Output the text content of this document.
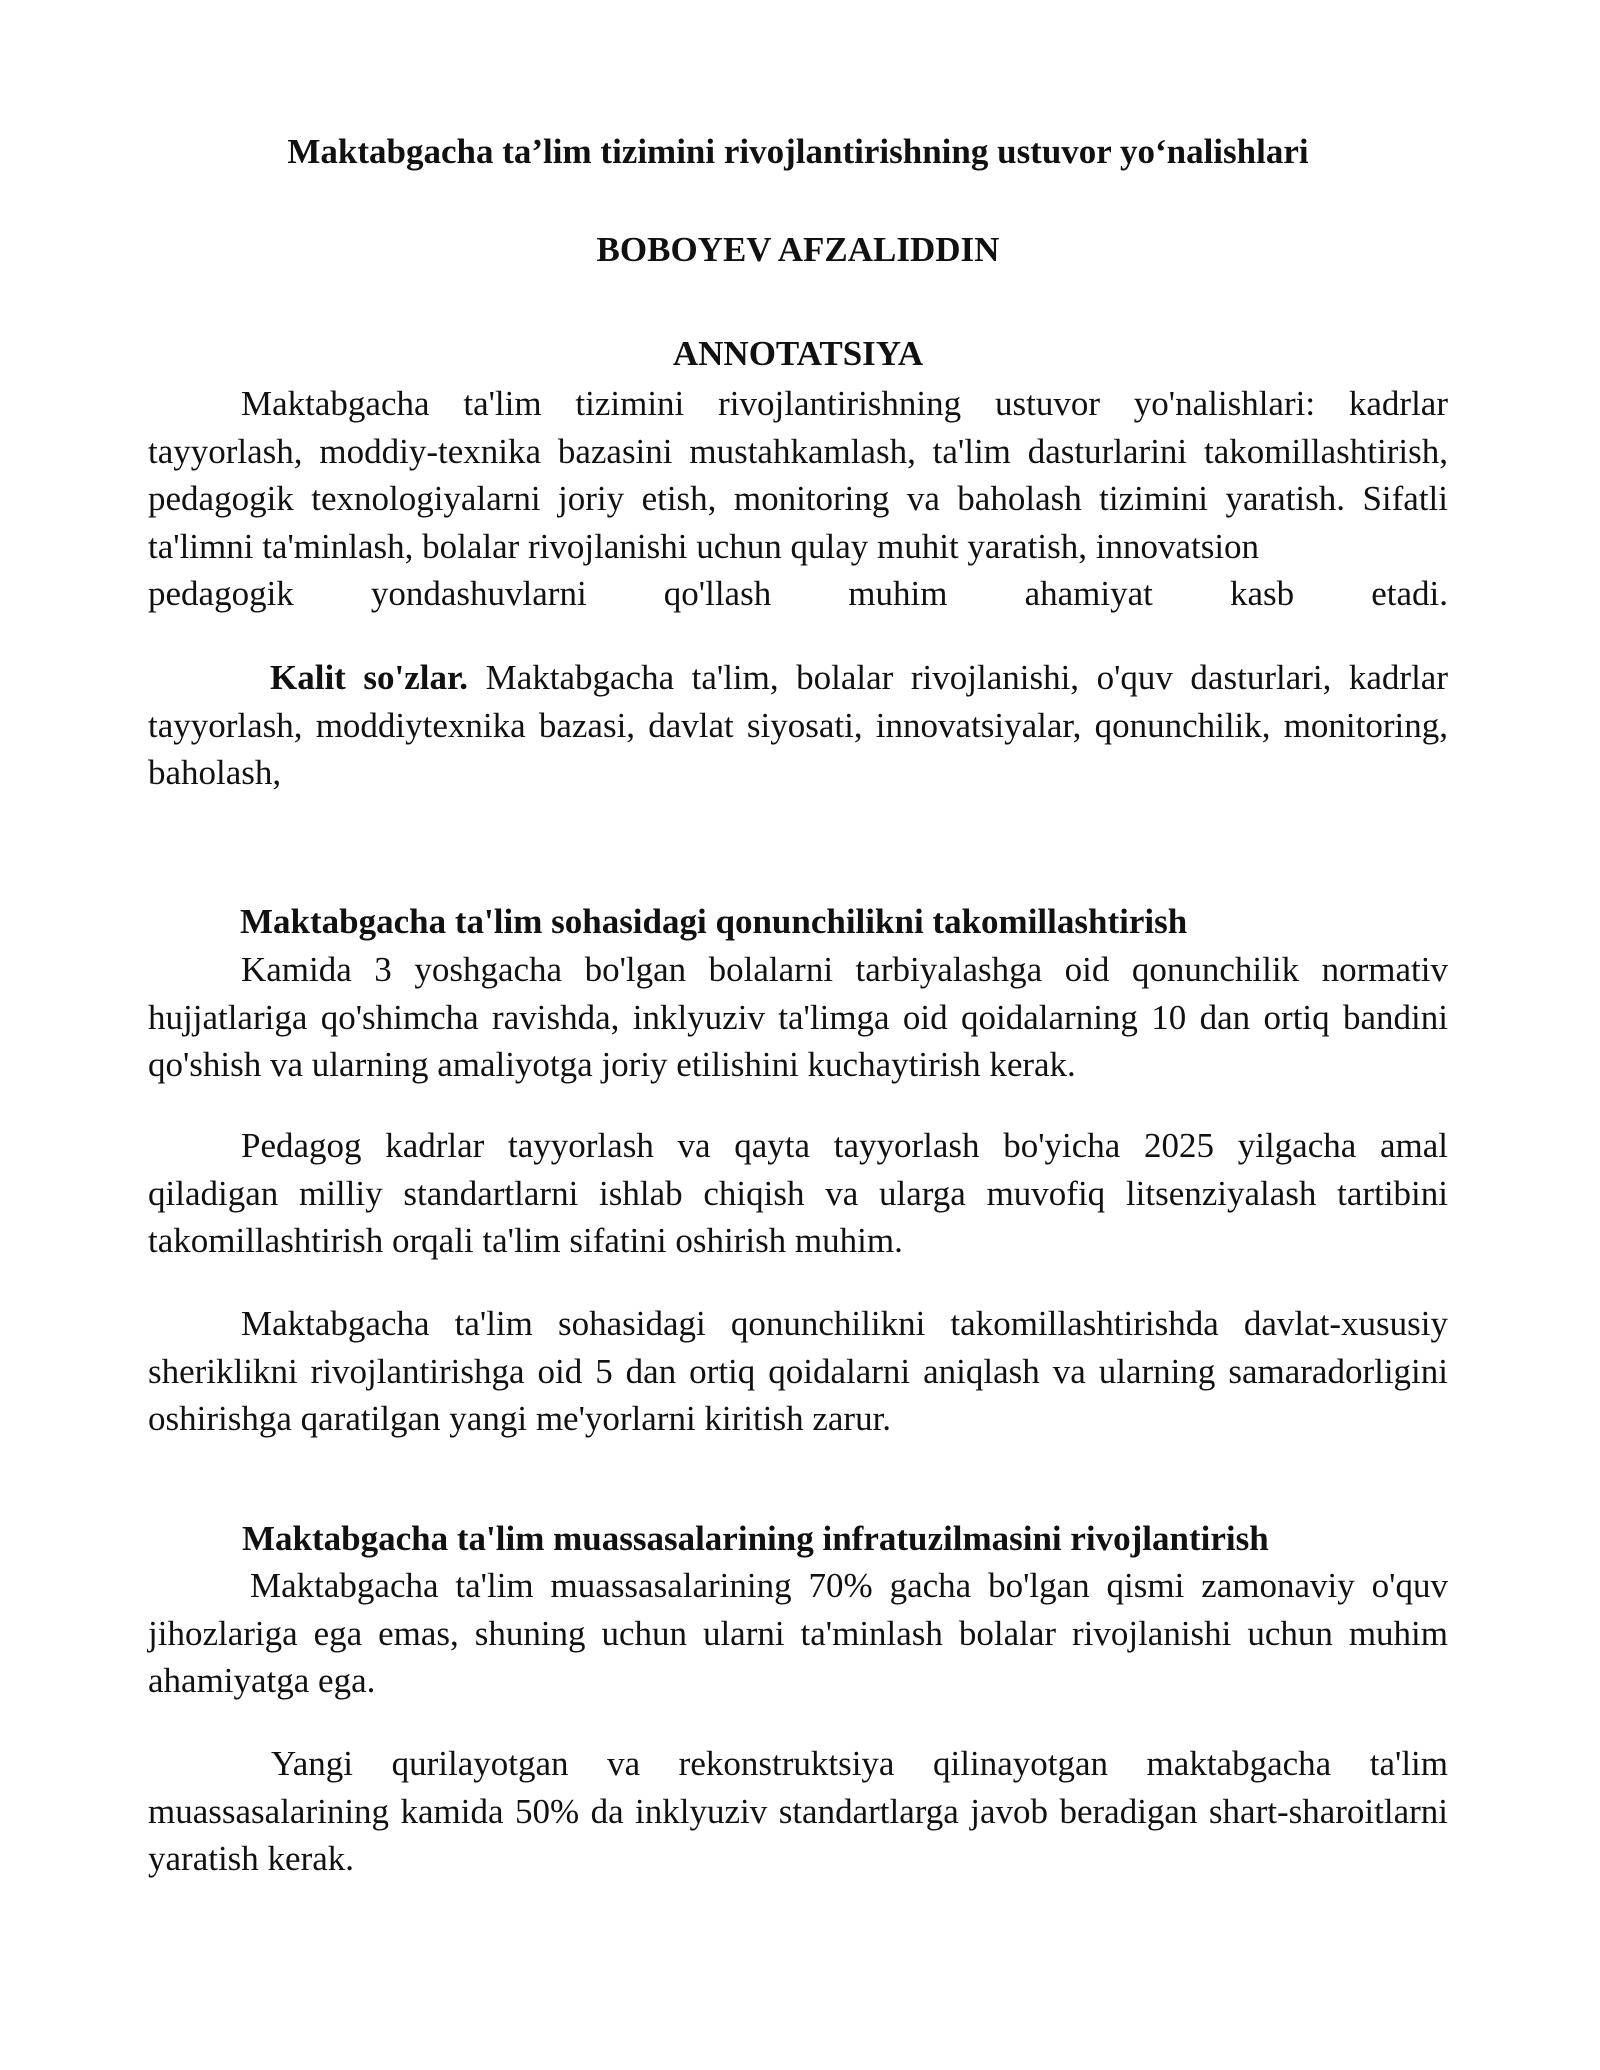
Maktabgacha ta’lim tizimini rivojlantirishning ustuvor yo‘nalishlari

BOBOYEV AFZALIDDIN

ANNOTATSIYA

Maktabgacha ta'lim tizimini rivojlantirishning ustuvor yo'nalishlari: kadrlar tayyorlash, moddiy-texnika bazasini mustahkamlash, ta'lim dasturlarini takomillashtirish, pedagogik texnologiyalarni joriy etish, monitoring va baholash tizimini yaratish. Sifatli ta'limni ta'minlash, bolalar rivojlanishi uchun qulay muhit yaratish, innovatsion

pedagogik yondashuvlarni qo'llash muhim ahamiyat kasb etadi.

Kalit so'zlar. Maktabgacha ta'lim, bolalar rivojlanishi, o'quv dasturlari, kadrlar tayyorlash, moddiytexnika bazasi, davlat siyosati, innovatsiyalar, qonunchilik, monitoring, baholash,

Maktabgacha ta'lim sohasidagi qonunchilikni takomillashtirish

Kamida 3 yoshgacha bo'lgan bolalarni tarbiyalashga oid qonunchilik normativ hujjatlariga qo'shimcha ravishda, inklyuziv ta'limga oid qoidalarning 10 dan ortiq bandini qo'shish va ularning amaliyotga joriy etilishini kuchaytirish kerak.

Pedagog kadrlar tayyorlash va qayta tayyorlash bo'yicha 2025 yilgacha amal qiladigan milliy standartlarni ishlab chiqish va ularga muvofiq litsenziyalash tartibini takomillashtirish orqali ta'lim sifatini oshirish muhim.

Maktabgacha ta'lim sohasidagi qonunchilikni takomillashtirishda davlat-xususiy sheriklikni rivojlantirishga oid 5 dan ortiq qoidalarni aniqlash va ularning samaradorligini oshirishga qaratilgan yangi me'yorlarni kiritish zarur.

Maktabgacha ta'lim muassasalarining infratuzilmasini rivojlantirish

Maktabgacha ta'lim muassasalarining 70% gacha bo'lgan qismi zamonaviy o'quv jihozlariga ega emas, shuning uchun ularni ta'minlash bolalar rivojlanishi uchun muhim ahamiyatga ega.

Yangi qurilayotgan va rekonstruktsiya qilinayotgan maktabgacha ta'lim muassasalarining kamida 50% da inklyuziv standartlarga javob beradigan shart-sharoitlarni yaratish kerak.
